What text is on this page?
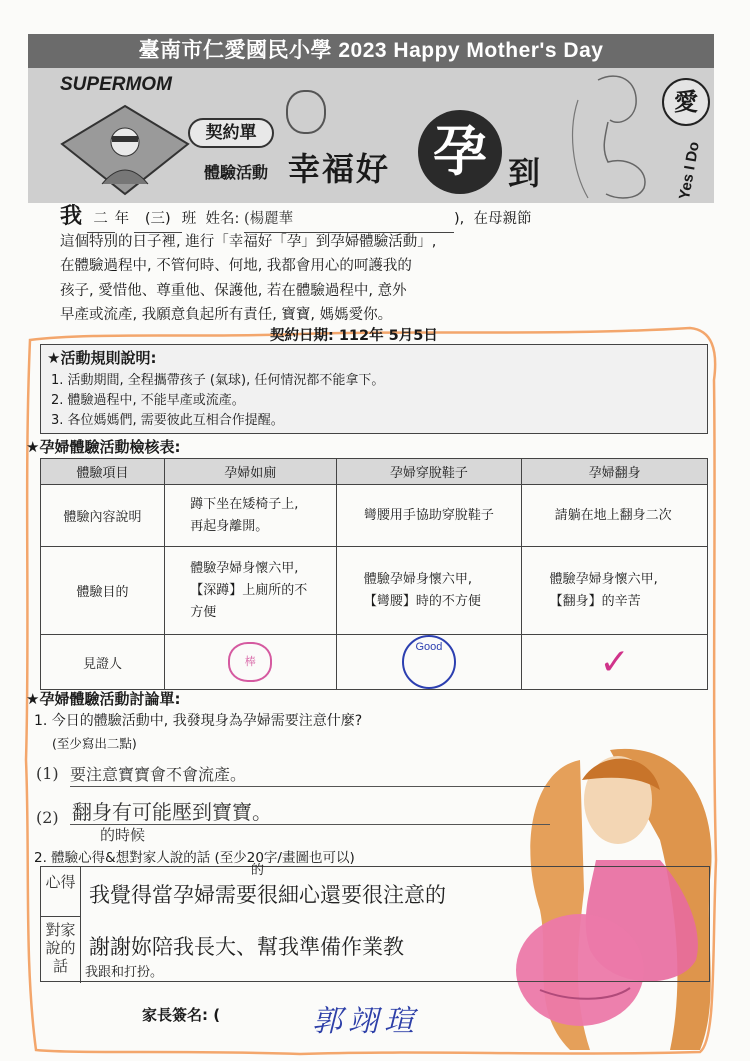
臺南市仁愛國民小學 2023 Happy Mother's Day
SUPERMOM
契約單
體驗活動 幸福好 孕 到
愛
Yes I Do
我 二 年 (三) 班 姓名: (楊麗華	), 在母親節
這個特別的日子裡, 進行「幸福好「孕」到孕婦體驗活動」,
在體驗過程中, 不管何時、何地, 我都會用心的呵護我的
孩子, 愛惜他、尊重他、保護他, 若在體驗過程中, 意外
早產或流產, 我願意負起所有責任, 寶寶, 媽媽愛你。
契約日期: 112年 5月5日
★活動規則說明:
1. 活動期間, 全程攜帶孩子 (氣球), 任何情況都不能拿下。
2. 體驗過程中, 不能早產或流產。
3. 各位媽媽們, 需要彼此互相合作提醒。
★孕婦體驗活動檢核表:
體驗項目	孕婦如廁	孕婦穿脫鞋子	孕婦翻身
體驗內容說明	蹲下坐在矮椅子上, 再起身離開。	彎腰用手協助穿脫鞋子	請躺在地上翻身二次
體驗目的	體驗孕婦身懷六甲,【深蹲】上廁所的不方便	體驗孕婦身懷六甲,【彎腰】時的不方便	體驗孕婦身懷六甲,【翻身】的辛苦
見證人	棒	Good	✓
★孕婦體驗活動討論單:
1. 今日的體驗活動中, 我發現身為孕婦需要注意什麼?
(至少寫出二點)
(1) 要注意寶寶會不會流產。
(2) 翻身有可能壓到寶寶。
的時候
2. 體驗心得&想對家人說的話 (至少20字/畫圖也可以)
心得
我覺得當孕婦需要很細心還要很注意的
的
對家說的話
謝謝妳陪我長大、幫我準備作業教
我跟和打扮。
家長簽名: (	郭翊瑄
